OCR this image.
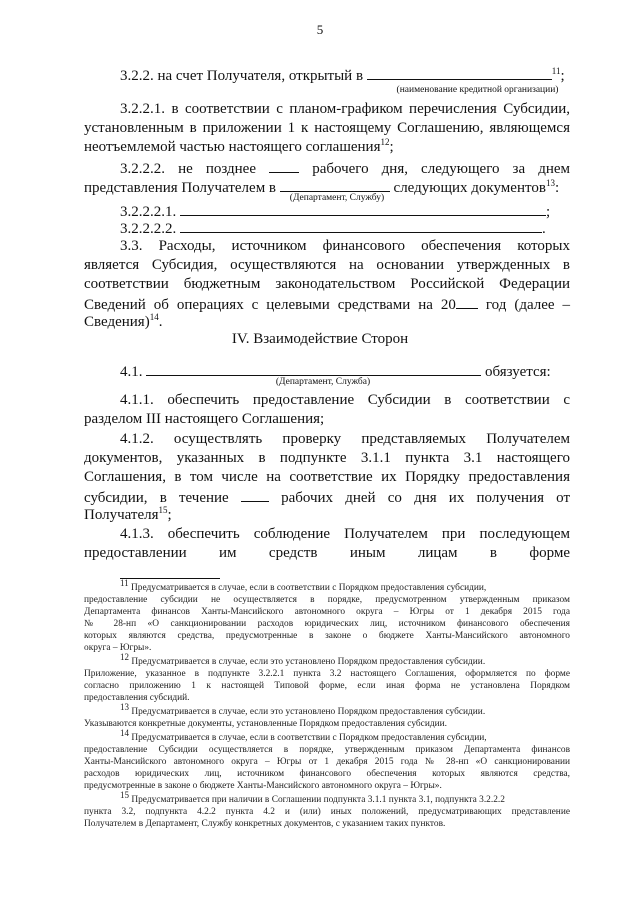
5
3.2.2. на счет Получателя, открытый в	$^{11}$;
(наименование кредитной организации)
3.2.2.1. в соответствии с планом-графиком перечисления Субсидии,
установленным в приложении 1 к настоящему Соглашению, являющемся
неотъемлемой частью настоящего соглашения$^{12}$;
3.2.2.2. не позднее	рабочего дня, следующего за днем
представления Получателем в	следующих документов$^{13}$:
(Департамент, Службу)
3.2.2.2.1.	;
3.2.2.2.2.	.
3.3. Расходы, источником финансового обеспечения которых
является Субсидия, осуществляются на основании утвержденных в
соответствии бюджетным законодательством Российской Федерации
Сведений об операциях с целевыми средствами на 20 год (далее –
Сведения)$^{14}$.
IV. Взаимодействие Сторон
4.1.	обязуется:
(Департамент, Служба)
4.1.1. обеспечить предоставление Субсидии в соответствии с
разделом III настоящего Соглашения;
4.1.2. осуществлять проверку представляемых Получателем
документов, указанных в подпункте 3.1.1 пункта 3.1 настоящего
Соглашения, в том числе на соответствие их Порядку предоставления
субсидии, в течение	рабочих дней со дня их получения от
Получателя$^{15}$;
4.1.3. обеспечить соблюдение Получателем при последующем
предоставлении им средств иным лицам в форме
$^{11}$ Предусматривается в случае, если в соответствии с Порядком предоставления субсидии,
предоставление субсидии не осуществляется в порядке, предусмотренном утвержденным приказом
Департамента финансов Ханты-Мансийского автономного округа – Югры от 1 декабря 2015 года
№ 28-нп «О санкционировании расходов юридических лиц, источником финансового обеспечения
которых являются средства, предусмотренные в законе о бюджете Ханты-Мансийского автономного
округа – Югры».
$^{12}$ Предусматривается в случае, если это установлено Порядком предоставления субсидии.
Приложение, указанное в подпункте 3.2.2.1 пункта 3.2 настоящего Соглашения, оформляется по форме
согласно приложению 1 к настоящей Типовой форме, если иная форма не установлена Порядком
предоставления субсидий.
$^{13}$ Предусматривается в случае, если это установлено Порядком предоставления субсидии.
Указываются конкретные документы, установленные Порядком предоставления субсидии.
$^{14}$ Предусматривается в случае, если в соответствии с Порядком предоставления субсидии,
предоставление Субсидии осуществляется в порядке, утвержденным приказом Департамента финансов
Ханты-Мансийского автономного округа – Югры от 1 декабря 2015 года № 28-нп «О санкционировании
расходов юридических лиц, источником финансового обеспечения которых являются средства,
предусмотренные в законе о бюджете Ханты-Мансийского автономного округа – Югры».
$^{15}$ Предусматривается при наличии в Соглашении подпункта 3.1.1 пункта 3.1, подпункта 3.2.2.2
пункта 3.2, подпункта 4.2.2 пункта 4.2 и (или) иных положений, предусматривающих представление
Получателем в Департамент, Службу конкретных документов, с указанием таких пунктов.
